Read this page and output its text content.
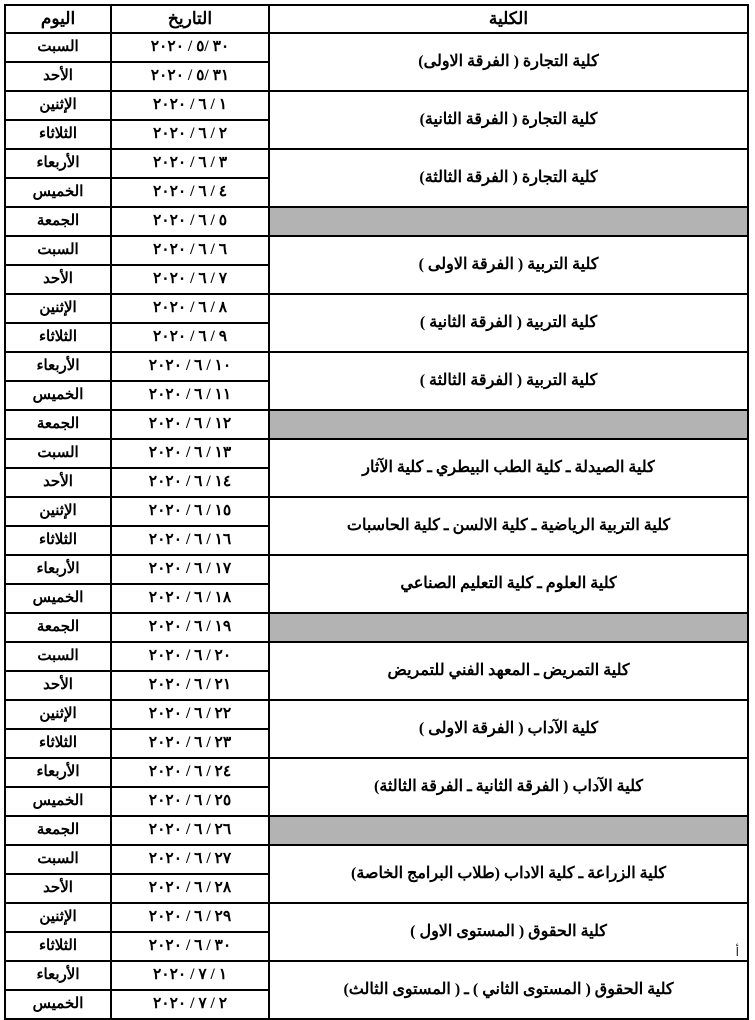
الكلية	التاريخ	اليوم
كلية التجارة ( الفرقة الاولى)	٣٠ /٥ / ٢٠٢٠	السبت
	٣١ /٥ / ٢٠٢٠	الأحد
كلية التجارة ( الفرقة الثانية)	١ / ٦ / ٢٠٢٠	الإثنين
	٢ / ٦ / ٢٠٢٠	الثلاثاء
كلية التجارة ( الفرقة الثالثة)	٣ / ٦ / ٢٠٢٠	الأربعاء
	٤ / ٦ / ٢٠٢٠	الخميس
	٥ / ٦ / ٢٠٢٠	الجمعة
كلية التربية ( الفرقة الاولى )	٦ / ٦ / ٢٠٢٠	السبت
	٧ / ٦ / ٢٠٢٠	الأحد
كلية التربية ( الفرقة الثانية )	٨ / ٦ / ٢٠٢٠	الإثنين
	٩ / ٦ / ٢٠٢٠	الثلاثاء
كلية التربية ( الفرقة الثالثة )	١٠ / ٦ / ٢٠٢٠	الأربعاء
	١١ / ٦ / ٢٠٢٠	الخميس
	١٢ / ٦ / ٢٠٢٠	الجمعة
كلية الصيدلة ـ كلية الطب البيطري ـ كلية الآثار	١٣ / ٦ / ٢٠٢٠	السبت
	١٤ / ٦ / ٢٠٢٠	الأحد
كلية التربية الرياضية ـ كلية الالسن ـ كلية الحاسبات	١٥ / ٦ / ٢٠٢٠	الإثنين
	١٦ / ٦ / ٢٠٢٠	الثلاثاء
كلية العلوم ـ كلية التعليم الصناعي	١٧ / ٦ / ٢٠٢٠	الأربعاء
	١٨ / ٦ / ٢٠٢٠	الخميس
	١٩ / ٦ / ٢٠٢٠	الجمعة
كلية التمريض ـ المعهد الفني للتمريض	٢٠ / ٦ / ٢٠٢٠	السبت
	٢١ / ٦ / ٢٠٢٠	الأحد
كلية الآداب ( الفرقة الاولى )	٢٢ / ٦ / ٢٠٢٠	الإثنين
	٢٣ / ٦ / ٢٠٢٠	الثلاثاء
كلية الآداب ( الفرقة الثانية ـ الفرقة الثالثة)	٢٤ / ٦ / ٢٠٢٠	الأربعاء
	٢٥ / ٦ / ٢٠٢٠	الخميس
	٢٦ / ٦ / ٢٠٢٠	الجمعة
كلية الزراعة ـ كلية الاداب (طلاب البرامج الخاصة)	٢٧ / ٦ / ٢٠٢٠	السبت
	٢٨ / ٦ / ٢٠٢٠	الأحد
كلية الحقوق ( المستوى الاول )	٢٩ / ٦ / ٢٠٢٠	الإثنين
	٣٠ / ٦ / ٢٠٢٠	الثلاثاء
كلية الحقوق ( المستوى الثاني ) ـ ( المستوى الثالث)	١ / ٧ / ٢٠٢٠	الأربعاء
	٢ / ٧ / ٢٠٢٠	الخميس
أ
